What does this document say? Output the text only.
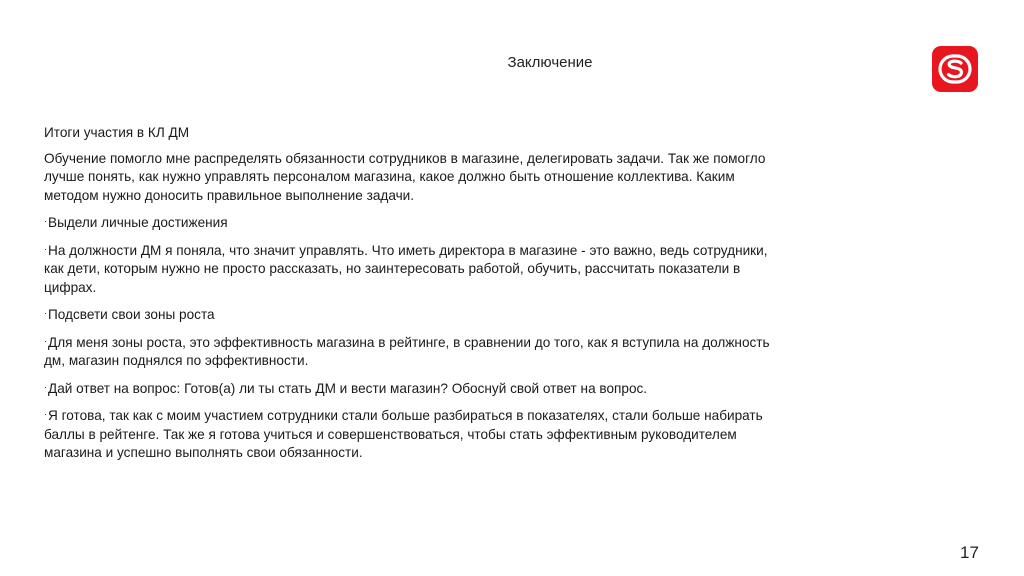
Заключение

Итоги участия в КЛ ДМ

Обучение помогло мне распределять обязанности сотрудников в магазине, делегировать задачи. Так же помогло лучше понять, как нужно управлять персоналом магазина, какое должно быть отношение коллектива. Каким методом нужно доносить правильное выполнение задачи.

·Выдели личные достижения

·На должности ДМ я поняла, что значит управлять. Что иметь директора в магазине - это важно, ведь сотрудники, как дети, которым нужно не просто рассказать, но заинтересовать работой, обучить, рассчитать показатели в цифрах.

·Подсвети свои зоны роста

·Для меня зоны роста, это эффективность магазина в рейтинге, в сравнении до того, как я вступила на должность дм, магазин поднялся по эффективности.

·Дай ответ на вопрос: Готов(а) ли ты стать ДМ и вести магазин? Обоснуй свой ответ на вопрос.

·Я готова, так как с моим участием сотрудники стали больше разбираться в показателях, стали больше набирать баллы в рейтенге. Так же я готова учиться и совершенствоваться, чтобы стать эффективным руководителем магазина и успешно выполнять свои обязанности.

17
